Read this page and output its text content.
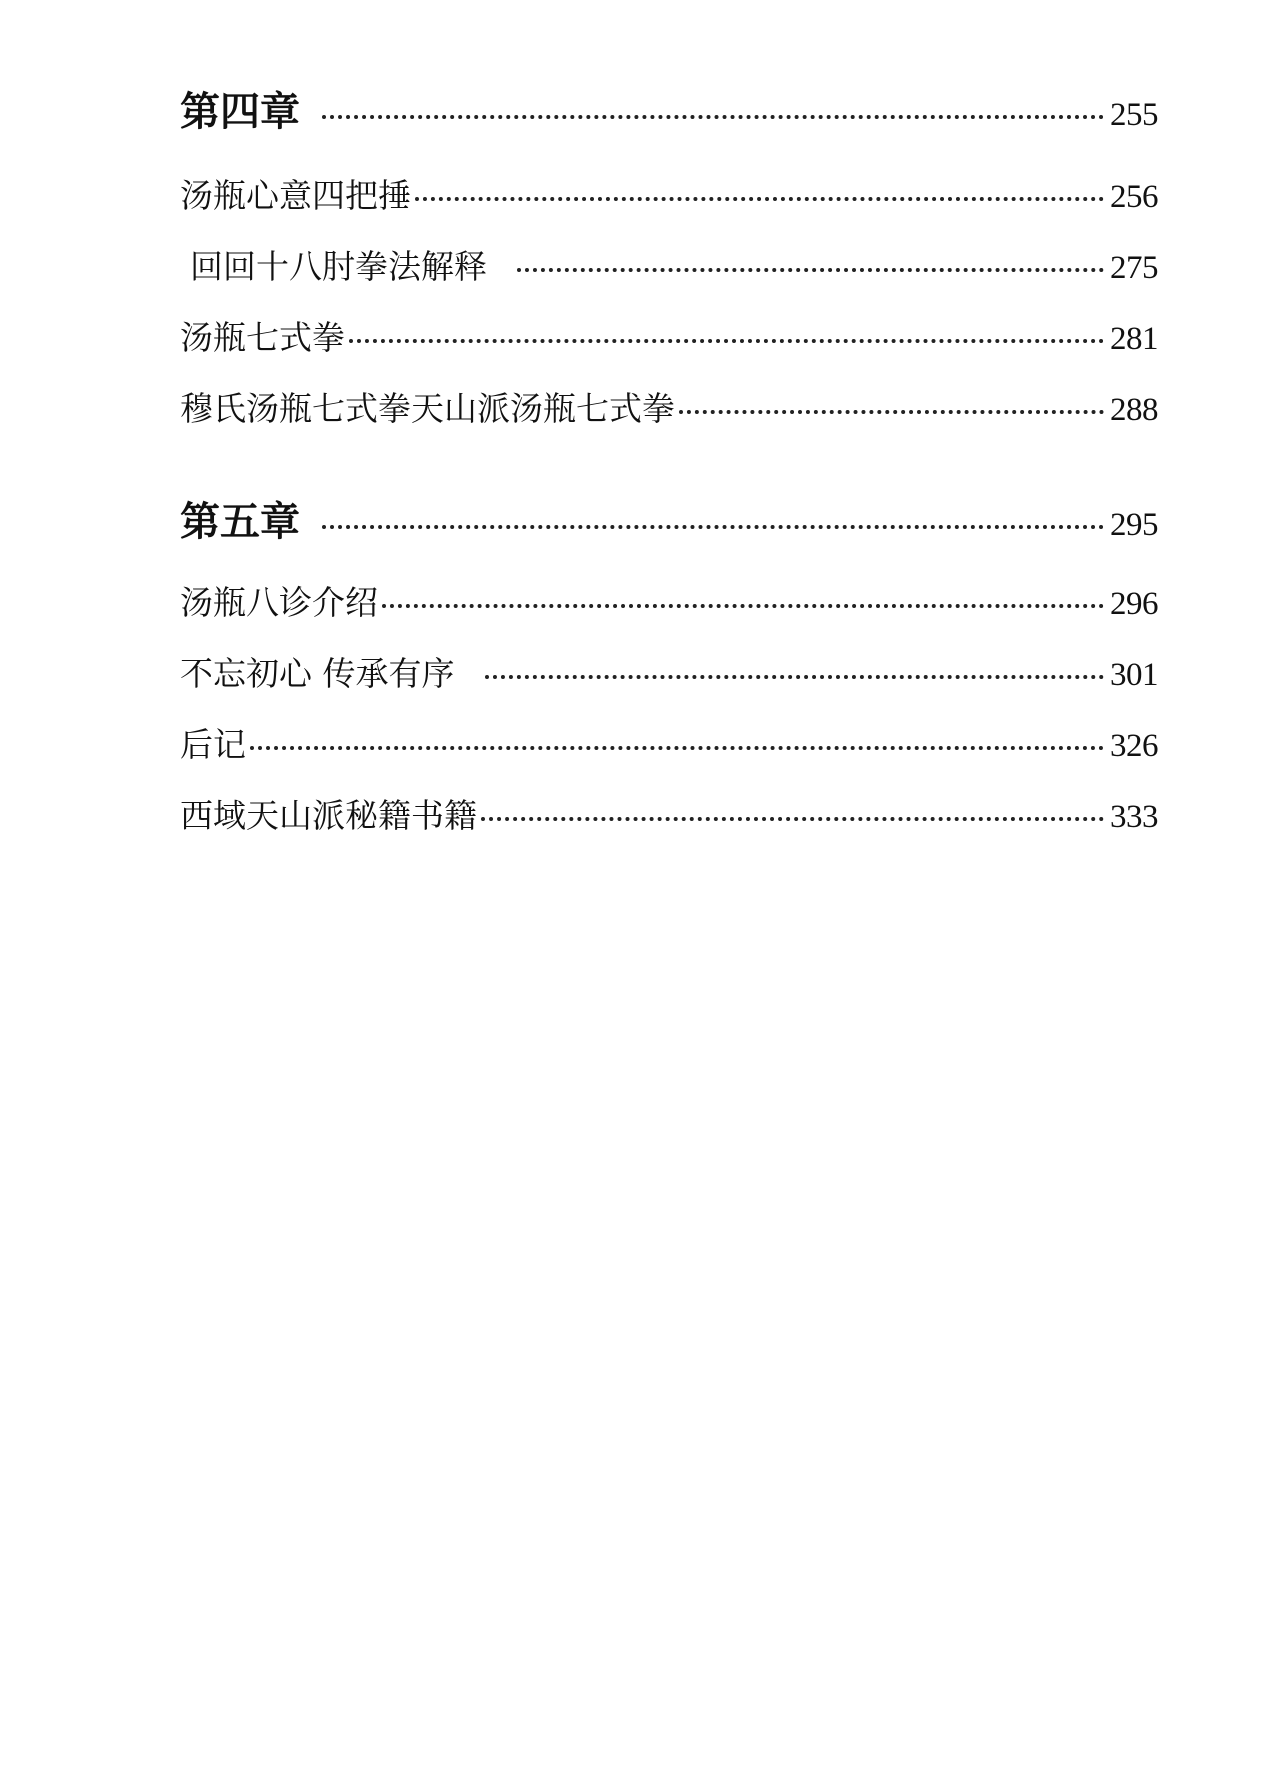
第四章	255
汤瓶心意四把捶	256
回回十八肘拳法解释	275
汤瓶七式拳	281
穆氏汤瓶七式拳天山派汤瓶七式拳	288
第五章	295
汤瓶八诊介绍	296
不忘初心 传承有序	301
后记	326
西域天山派秘籍书籍	333
